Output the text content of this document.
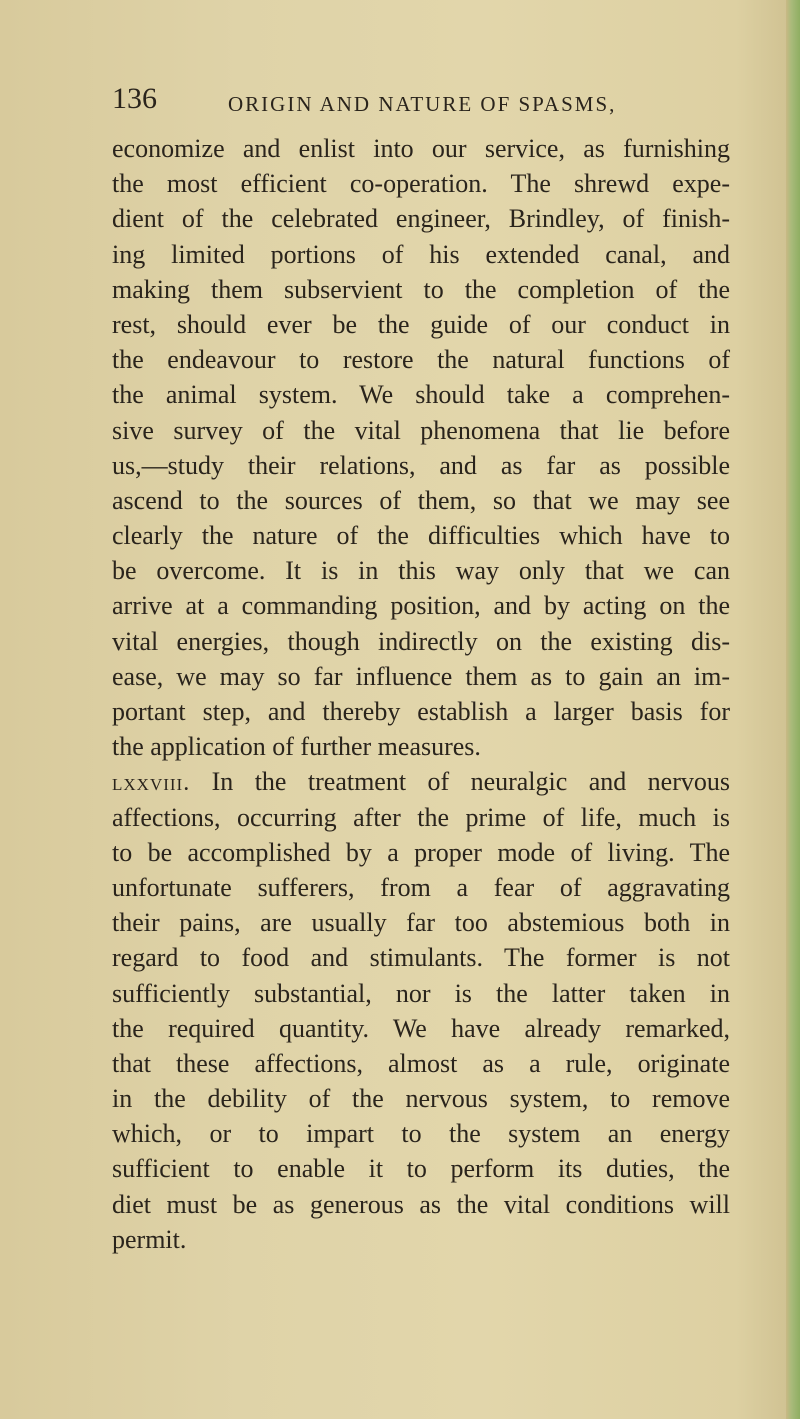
136	ORIGIN AND NATURE OF SPASMS,
economize and enlist into our service, as furnishing
the most efficient co-operation. The shrewd expe-
dient of the celebrated engineer, Brindley, of finish-
ing limited portions of his extended canal, and
making them subservient to the completion of the
rest, should ever be the guide of our conduct in
the endeavour to restore the natural functions of
the animal system. We should take a comprehen-
sive survey of the vital phenomena that lie before
us,—study their relations, and as far as possible
ascend to the sources of them, so that we may see
clearly the nature of the difficulties which have to
be overcome. It is in this way only that we can
arrive at a commanding position, and by acting on the
vital energies, though indirectly on the existing dis-
ease, we may so far influence them as to gain an im-
portant step, and thereby establish a larger basis for
the application of further measures.
lxxviii. In the treatment of neuralgic and nervous
affections, occurring after the prime of life, much is
to be accomplished by a proper mode of living. The
unfortunate sufferers, from a fear of aggravating
their pains, are usually far too abstemious both in
regard to food and stimulants. The former is not
sufficiently substantial, nor is the latter taken in
the required quantity. We have already remarked,
that these affections, almost as a rule, originate
in the debility of the nervous system, to remove
which, or to impart to the system an energy
sufficient to enable it to perform its duties, the
diet must be as generous as the vital conditions will
permit.
